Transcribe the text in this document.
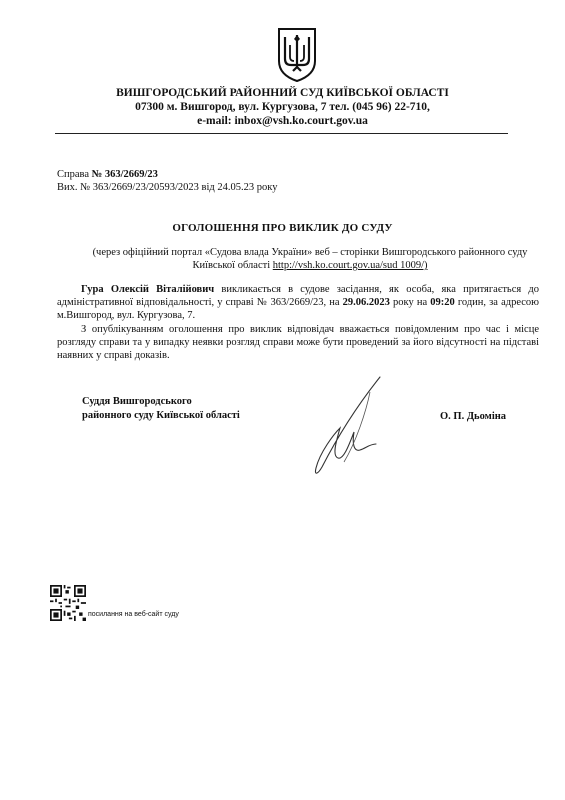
ВИШГОРОДСЬКИЙ РАЙОННИЙ СУД КИЇВСЬКОЇ ОБЛАСТІ
07300 м. Вишгород, вул. Кургузова, 7 тел. (045 96) 22-710,
e-mail: inbox@vsh.ko.court.gov.ua
Справа № 363/2669/23
Вих. № 363/2669/23/20593/2023 від 24.05.23 року
ОГОЛОШЕННЯ ПРО ВИКЛИК ДО СУДУ
(через офіційний портал «Судова влада України» веб – сторінки Вишгородського районного суду Київської області http://vsh.ko.court.gov.ua/sud 1009/)
Гура Олексій Віталійович викликається в судове засідання, як особа, яка притягається до адміністративної відповідальності, у справі № 363/2669/23, на 29.06.2023 року на 09:20 годин, за адресою м.Вишгород, вул. Кургузова, 7.
З опублікуванням оголошення про виклик відповідач вважається повідомленим про час і місце розгляду справи та у випадку неявки розгляд справи може бути проведений за його відсутності на підставі наявних у справі доказів.
Суддя Вишгородського
районного суду Київської області	О. П. Дьоміна
посилання на веб-сайт суду
